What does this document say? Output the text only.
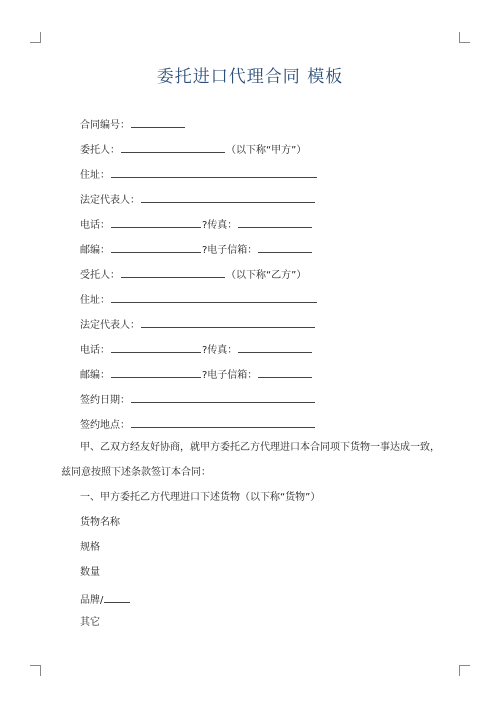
委托进口代理合同 模板
合同编号：
委托人：	（以下称“甲方”）
住址：
法定代表人：
电话：	?传真：
邮编：	?电子信箱：
受托人：	（以下称“乙方”）
住址：
法定代表人：
电话：	?传真：
邮编：	?电子信箱：
签约日期：
签约地点：
甲、乙双方经友好协商，就甲方委托乙方代理进口本合同项下货物一事达成一致，
兹同意按照下述条款签订本合同：
一、甲方委托乙方代理进口下述货物（以下称“货物”）
货物名称
规格
数量
品牌/
其它
